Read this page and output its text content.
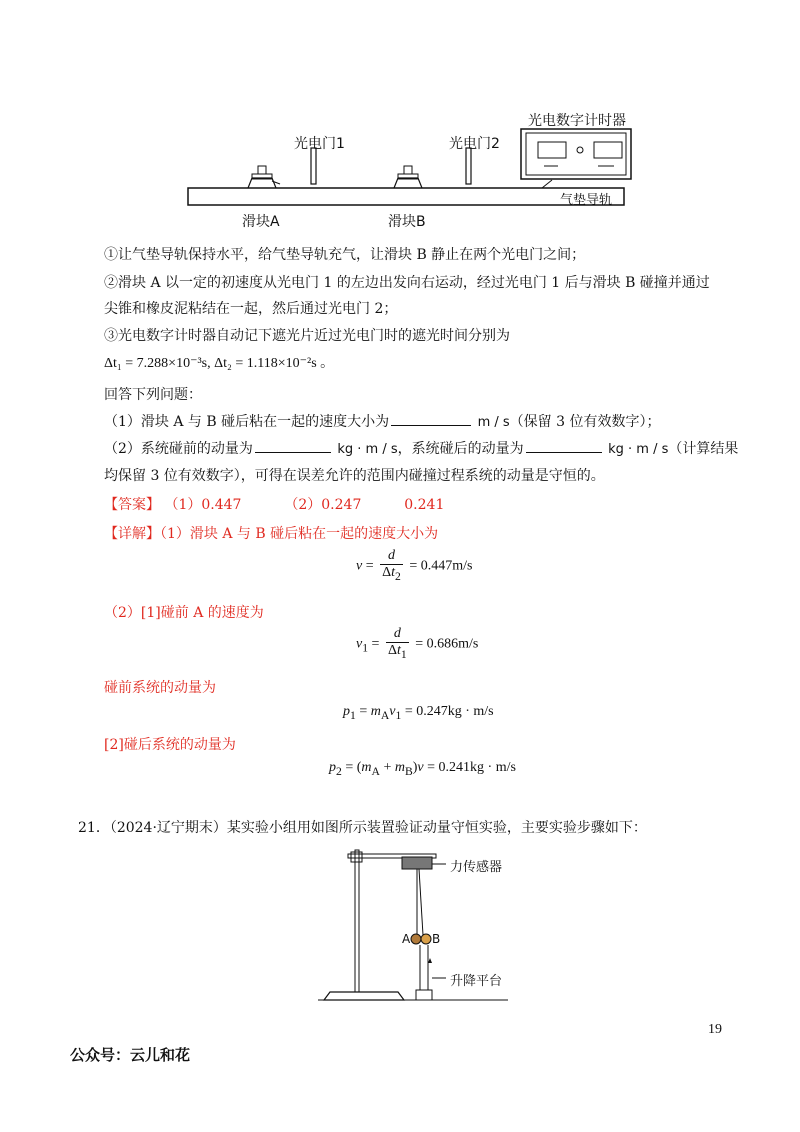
光电数字计时器
光电门1	光电门2
气垫导轨
滑块A	滑块B
①让气垫导轨保持水平，给气垫导轨充气，让滑块 B 静止在两个光电门之间；
②滑块 A 以一定的初速度从光电门 1 的左边出发向右运动，经过光电门 1 后与滑块 B 碰撞并通过
尖锥和橡皮泥粘结在一起，然后通过光电门 2；
③光电数字计时器自动记下遮光片近过光电门时的遮光时间分别为
Δt₁ = 7.288×10⁻³s, Δt₂ = 1.118×10⁻²s 。
回答下列问题：
（1）滑块 A 与 B 碰后粘在一起的速度大小为	m / s（保留 3 位有效数字）；
（2）系统碰前的动量为	kg · m / s，系统碰后的动量为	kg · m / s（计算结果
均保留 3 位有效数字），可得在误差允许的范围内碰撞过程系统的动量是守恒的。
【答案】 （1）0.447	（2）0.247	0.241
【详解】（1）滑块 A 与 B 碰后粘在一起的速度大小为
$v = \frac{d}{\Delta t_2} = 0.447m/s$
（2）[1]碰前 A 的速度为
$v_1 = \frac{d}{\Delta t_1} = 0.686m/s$
碰前系统的动量为
$p_1 = m_Av_1 = 0.247kg \cdot m/s$
[2]碰后系统的动量为
$p_2 = (m_A + m_B)v = 0.241kg \cdot m/s$
21．（2024·辽宁期末）某实验小组用如图所示装置验证动量守恒实验，主要实验步骤如下：
力传感器
A B
升降平台
19
公众号：云儿和花
